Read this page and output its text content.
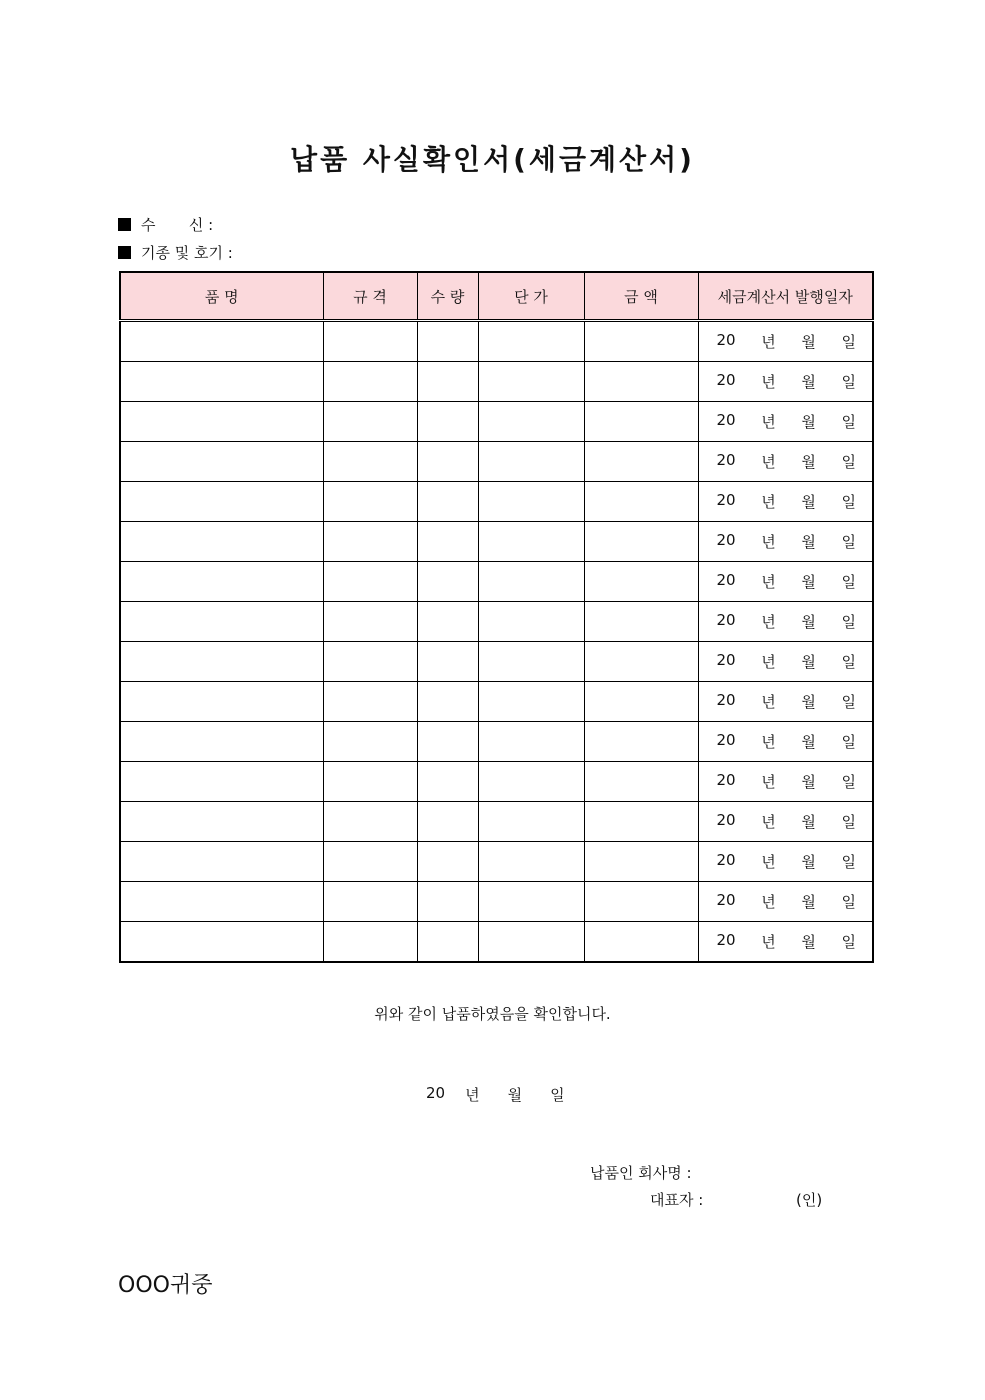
납품 사실확인서(세금계산서)
수       신 :
기종 및 호기 :
품 명	규 격	수 량	단 가	금 액	세금계산서 발행일자

					20 년 월 일

					20 년 월 일

					20 년 월 일

					20 년 월 일

					20 년 월 일

					20 년 월 일

					20 년 월 일

					20 년 월 일

					20 년 월 일

					20 년 월 일

					20 년 월 일

					20 년 월 일

					20 년 월 일

					20 년 월 일

					20 년 월 일

					20 년 월 일
위와 같이 납품하였음을 확인합니다.
20 년 월 일
납품인 회사명 :
대표자 :	(인)
OOO귀중
